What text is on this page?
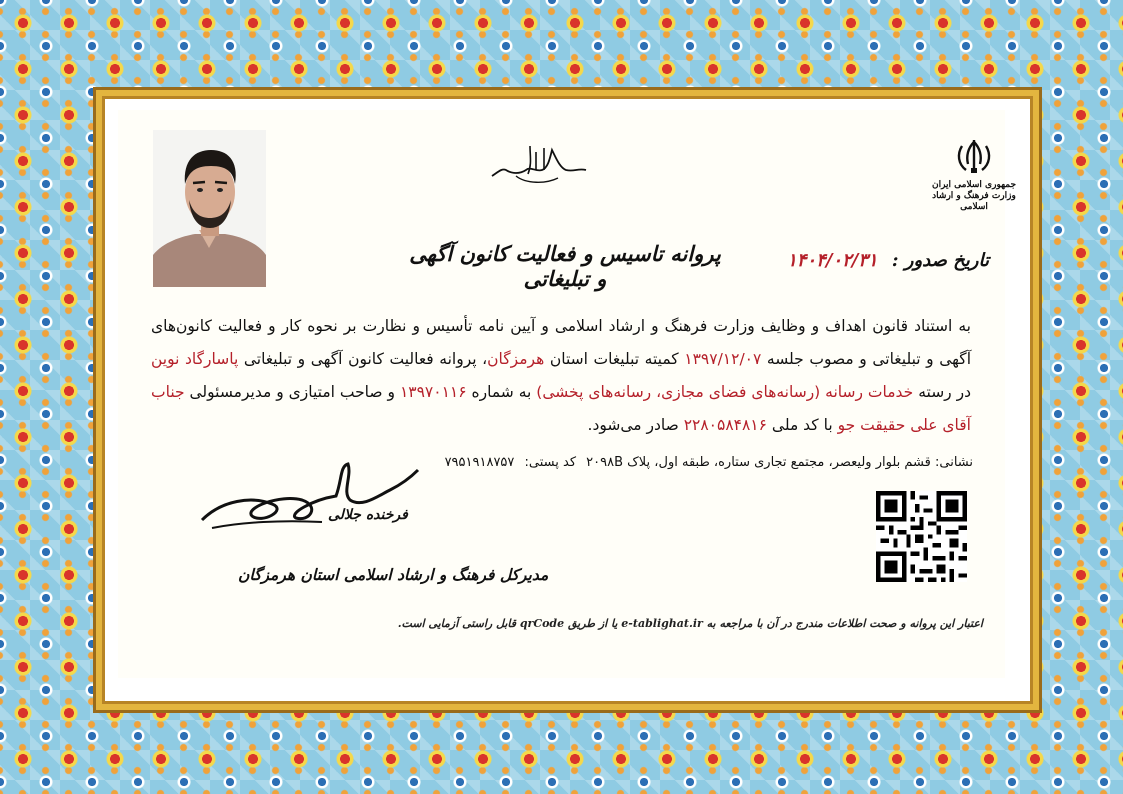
جمهوری اسلامی ایران
وزارت فرهنگ و ارشاد اسلامی
پروانه تاسیس و فعالیت کانون آگهی و تبلیغاتی
تاریخ صدور : ۱۴۰۴/۰۲/۳۱
به استناد قانون اهداف و وظایف وزارت فرهنگ و ارشاد اسلامی و آیین نامه تأسیس و نظارت بر نحوه کار و فعالیت کانون‌های آگهی و تبلیغاتی و مصوب جلسه ۱۳۹۷/۱۲/۰۷ کمیته تبلیغات استان هرمزگان، پروانه فعالیت کانون آگهی و تبلیغاتی پاسارگاد نوین در رسته خدمات رسانه (رسانه‌های فضای مجازی، رسانه‌های پخشی) به شماره ۱۳۹۷۰۱۱۶ و صاحب امتیازی و مدیرمسئولی جناب آقای علی حقیقت جو با کد ملی ۲۲۸۰۵۸۴۸۱۶ صادر می‌شود.
نشانی: قشم بلوار ولیعصر، مجتمع تجاری ستاره، طبقه اول، پلاک ۲۰۹۸B کد پستی: ۷۹۵۱۹۱۸۷۵۷
فرخنده جلالی
مدیرکل فرهنگ و ارشاد اسلامی استان هرمزگان
اعتبار این پروانه و صحت اطلاعات مندرج در آن با مراجعه به e-tablighat.ir یا از طریق qrCode قابل راستی آزمایی است.
